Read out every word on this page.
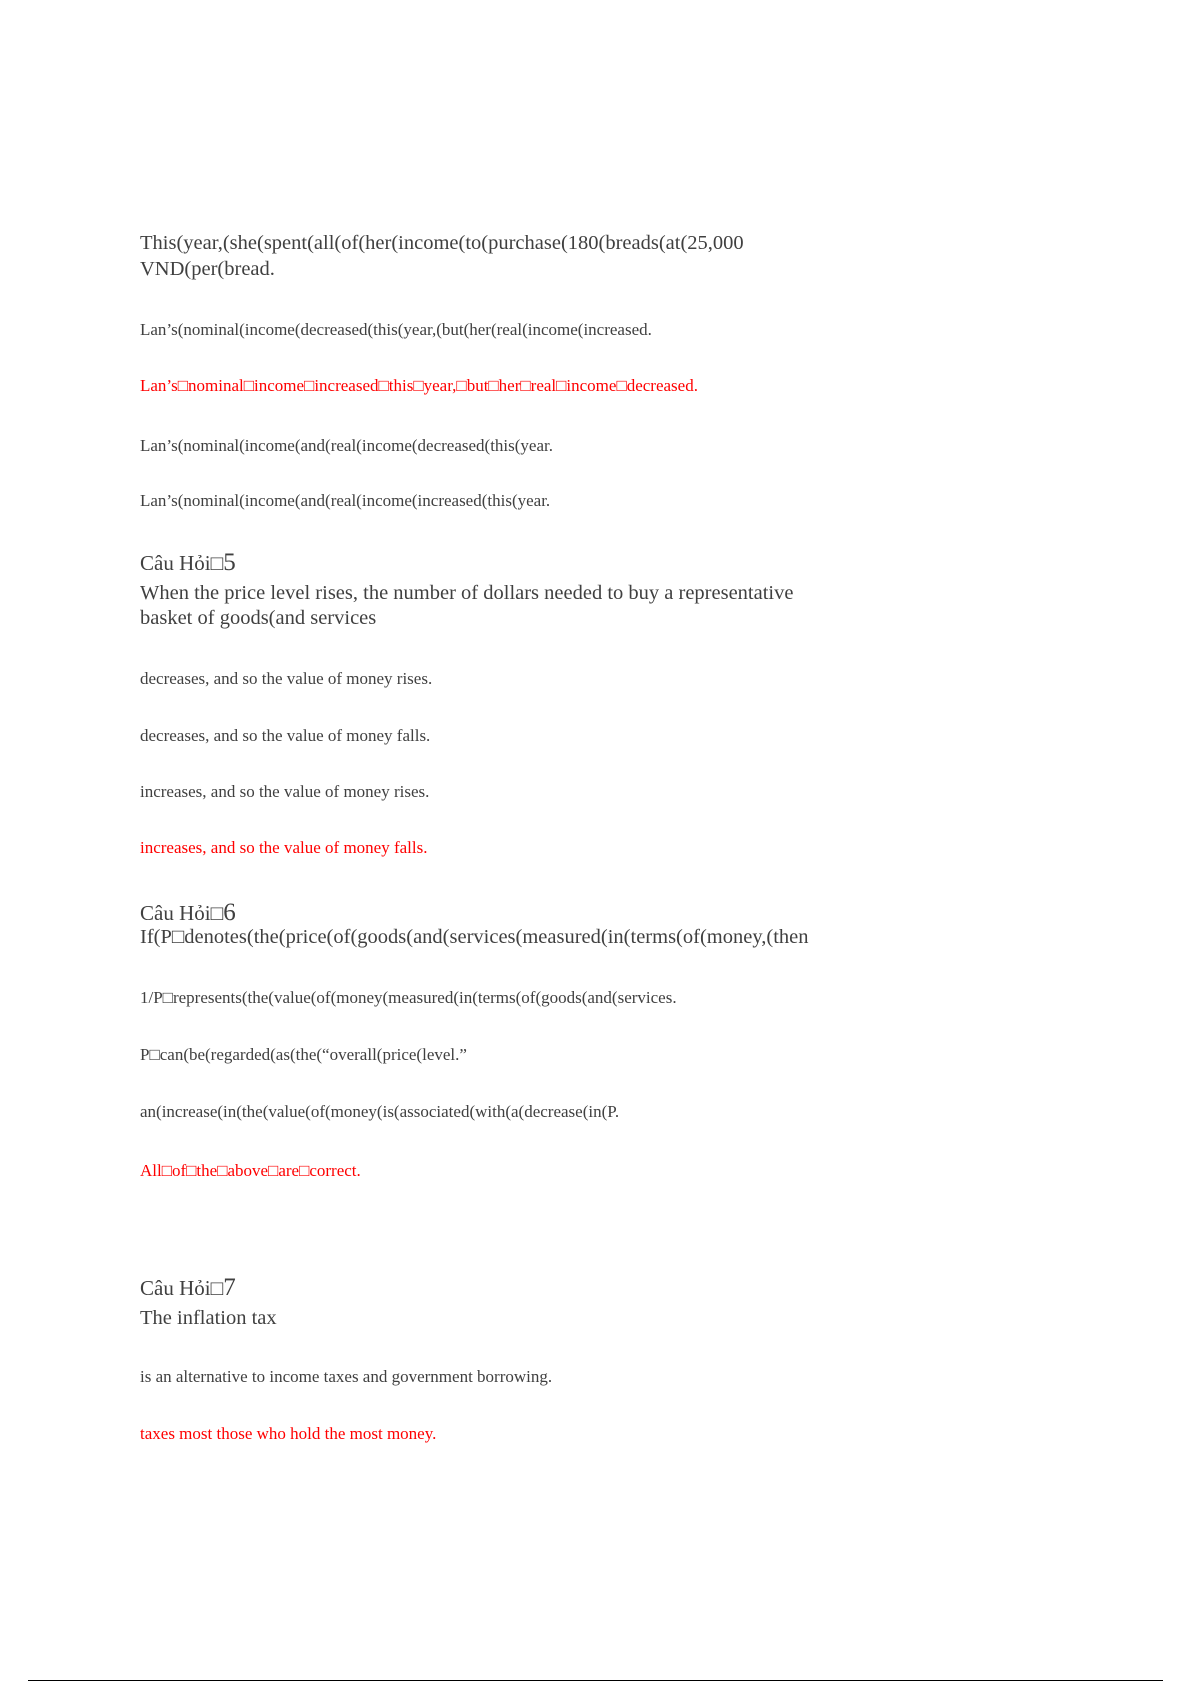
This(year,(she(spent(all(of(her(income(to(purchase(180(breads(at(25,000
VND(per(bread.
Lan’s(nominal(income(decreased(this(year,(but(her(real(income(increased.
Lan’s□nominal□income□increased□this□year,□but□her□real□income□decreased.
Lan’s(nominal(income(and(real(income(decreased(this(year.
Lan’s(nominal(income(and(real(income(increased(this(year.
Câu Hỏi□5
When the price level rises, the number of dollars needed to buy a representative
basket of goods(and services
decreases, and so the value of money rises.
decreases, and so the value of money falls.
increases, and so the value of money rises.
increases, and so the value of money falls.
Câu Hỏi□6
If(P□denotes(the(price(of(goods(and(services(measured(in(terms(of(money,(then
1/P□represents(the(value(of(money(measured(in(terms(of(goods(and(services.
P□can(be(regarded(as(the(“overall(price(level.”
an(increase(in(the(value(of(money(is(associated(with(a(decrease(in(P.
All□of□the□above□are□correct.
Câu Hỏi□7
The inflation tax
is an alternative to income taxes and government borrowing.
taxes most those who hold the most money.
